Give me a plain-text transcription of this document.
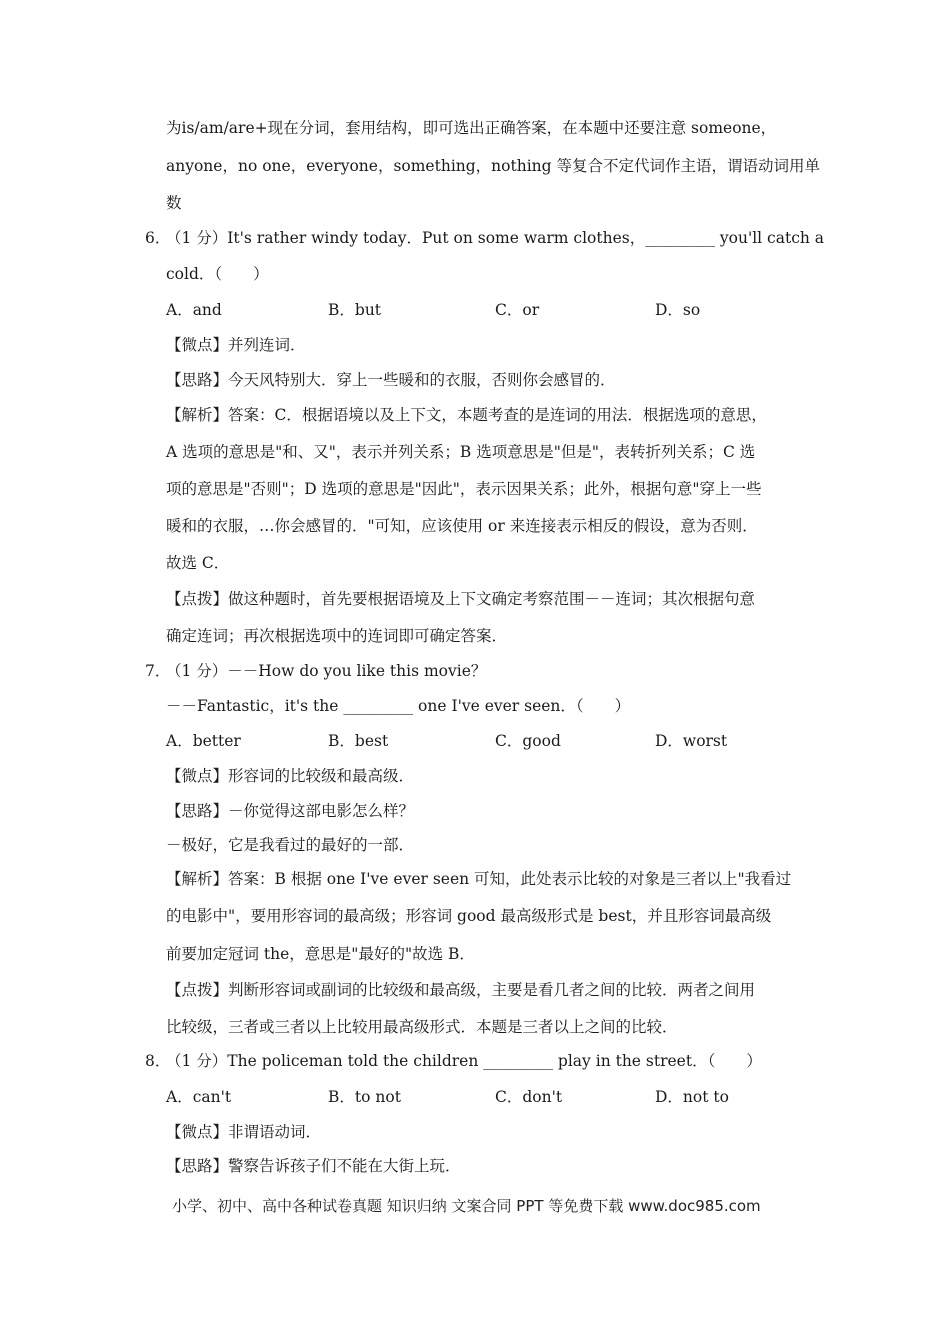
为is/am/are+现在分词，套用结构，即可选出正确答案，在本题中还要注意 someone，
anyone，no one，everyone，something，nothing 等复合不定代词作主语，谓语动词用单
数
6．
（1 分）It's rather windy today．Put on some warm clothes，_________ you'll catch a
cold．（　　）
A．and	B．but	C．or	D．so
【微点】并列连词．
【思路】今天风特别大．穿上一些暖和的衣服，否则你会感冒的．
【解析】答案：C．根据语境以及上下文，本题考查的是连词的用法．根据选项的意思，
A 选项的意思是"和、又"，表示并列关系；B 选项意思是"但是"，表转折列关系；C 选
项的意思是"否则"；D 选项的意思是"因此"，表示因果关系；此外，根据句意"穿上一些
暖和的衣服，…你会感冒的．"可知，应该使用 or 来连接表示相反的假设，意为否则．
故选 C．
【点拨】做这种题时，首先要根据语境及上下文确定考察范围－－连词；其次根据句意
确定连词；再次根据选项中的连词即可确定答案．
7．
（1 分）－－How do you like this movie？
－－Fantastic，it's the _________ one I've ever seen．（　　）
A．better	B．best	C．good	D．worst
【微点】形容词的比较级和最高级．
【思路】－你觉得这部电影怎么样？
－极好，它是我看过的最好的一部．
【解析】答案：B 根据 one I've ever seen 可知，此处表示比较的对象是三者以上"我看过
的电影中"，要用形容词的最高级；形容词 good 最高级形式是 best，并且形容词最高级
前要加定冠词 the，意思是"最好的"故选 B．
【点拨】判断形容词或副词的比较级和最高级，主要是看几者之间的比较．两者之间用
比较级，三者或三者以上比较用最高级形式．本题是三者以上之间的比较．
8．
（1 分）The policeman told the children _________ play in the street．（　　）
A．can't	B．to not	C．don't	D．not to
【微点】非谓语动词．
【思路】警察告诉孩子们不能在大街上玩．
小学、初中、高中各种试卷真题 知识归纳 文案合同 PPT 等免费下载 www.doc985.com
